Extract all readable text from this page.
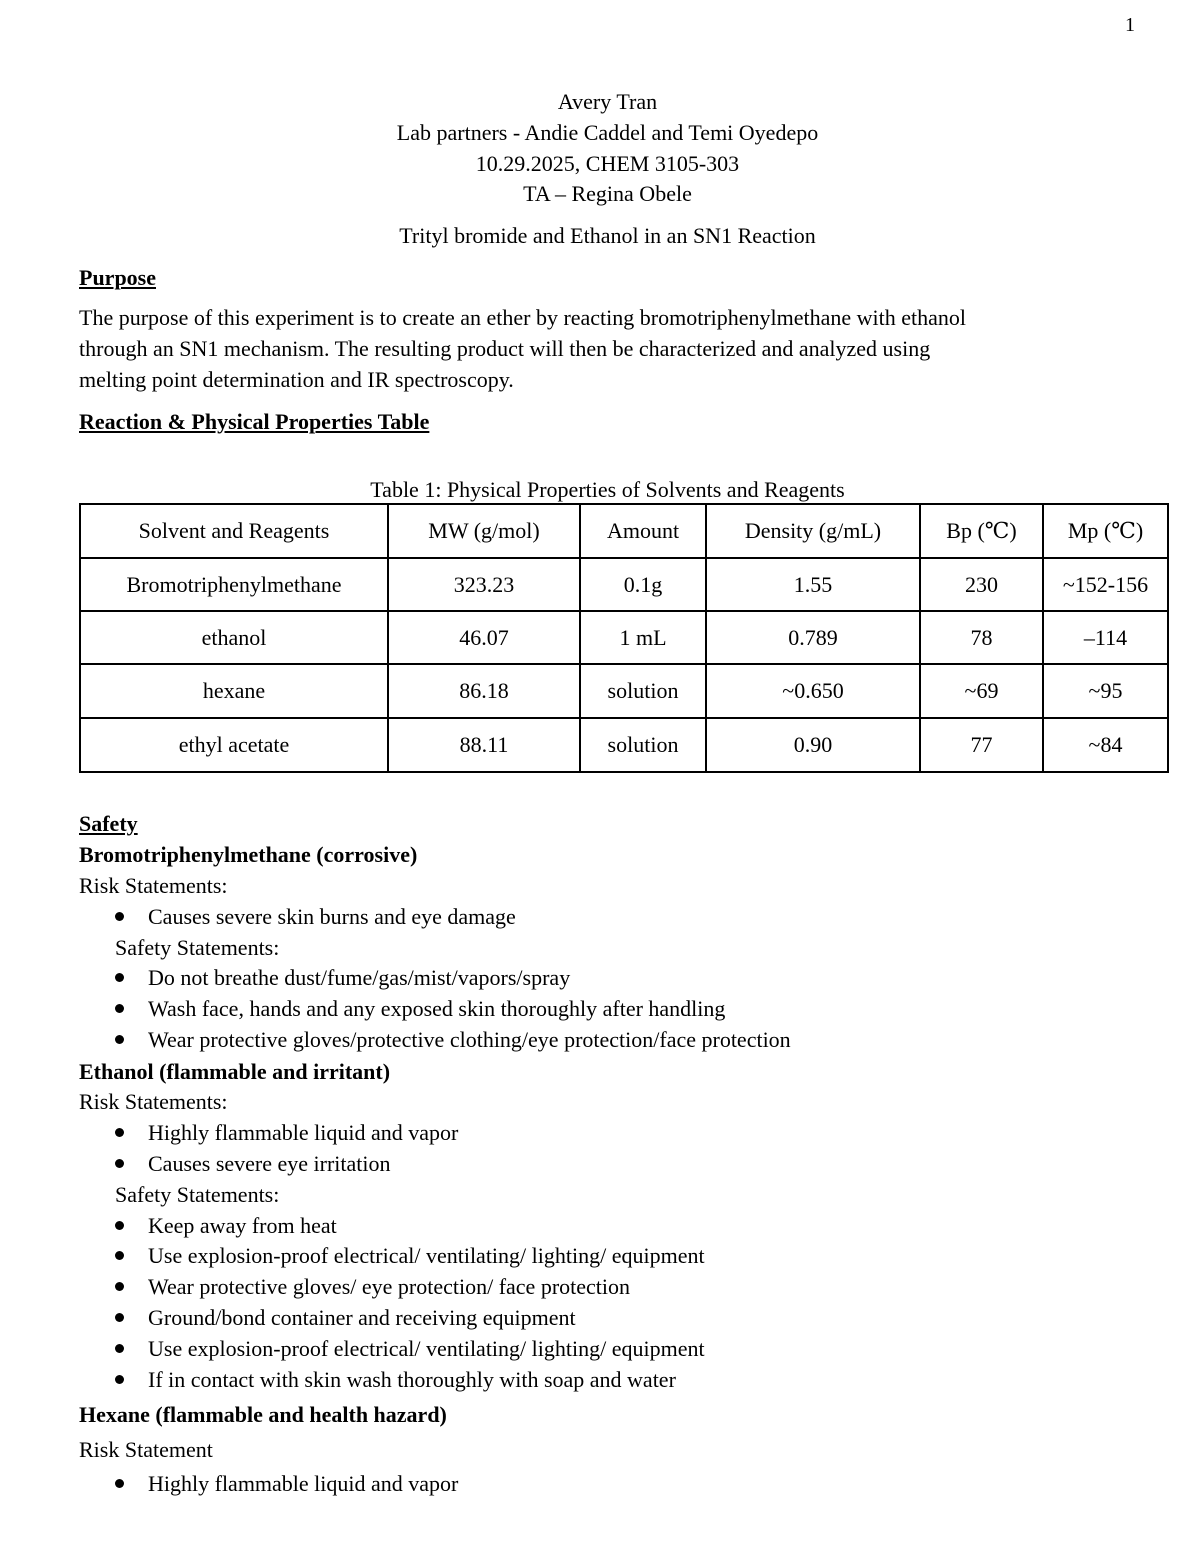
1
Avery Tran
Lab partners - Andie Caddel and Temi Oyedepo
10.29.2025, CHEM 3105-303
TA – Regina Obele
Trityl bromide and Ethanol in an SN1 Reaction
Purpose
The purpose of this experiment is to create an ether by reacting bromotriphenylmethane with ethanol
through an SN1 mechanism. The resulting product will then be characterized and analyzed using
melting point determination and IR spectroscopy.
Reaction & Physical Properties Table
Table 1: Physical Properties of Solvents and Reagents
Solvent and Reagents	MW (g/mol)	Amount	Density (g/mL)	Bp (℃)	Mp (℃)
Bromotriphenylmethane	323.23	0.1g	1.55	230	~152-156
ethanol	46.07	1 mL	0.789	78	–114
hexane	86.18	solution	~0.650	~69	~95
ethyl acetate	88.11	solution	0.90	77	~84
Safety
Bromotriphenylmethane (corrosive)
Risk Statements:
Causes severe skin burns and eye damage
Safety Statements:
Do not breathe dust/fume/gas/mist/vapors/spray
Wash face, hands and any exposed skin thoroughly after handling
Wear protective gloves/protective clothing/eye protection/face protection
Ethanol (flammable and irritant)
Risk Statements:
Highly flammable liquid and vapor
Causes severe eye irritation
Safety Statements:
Keep away from heat
Use explosion-proof electrical/ ventilating/ lighting/ equipment
Wear protective gloves/ eye protection/ face protection
Ground/bond container and receiving equipment
Use explosion-proof electrical/ ventilating/ lighting/ equipment
If in contact with skin wash thoroughly with soap and water
Hexane (flammable and health hazard)
Risk Statement
Highly flammable liquid and vapor
